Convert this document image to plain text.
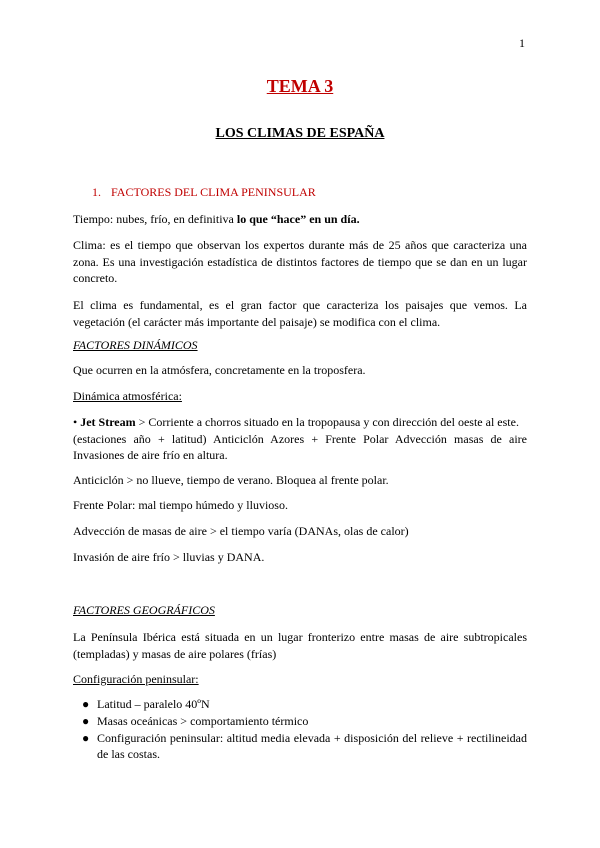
1
TEMA 3
LOS CLIMAS DE ESPAÑA
1. FACTORES DEL CLIMA PENINSULAR
Tiempo: nubes, frío, en definitiva lo que “hace” en un día.
Clima: es el tiempo que observan los expertos durante más de 25 años que caracteriza una zona. Es una investigación estadística de distintos factores de tiempo que se dan en un lugar concreto.
El clima es fundamental, es el gran factor que caracteriza los paisajes que vemos. La vegetación (el carácter más importante del paisaje) se modifica con el clima.
FACTORES DINÁMICOS
Que ocurren en la atmósfera, concretamente en la troposfera.
Dinámica atmosférica:
• Jet Stream > Corriente a chorros situado en la tropopausa y con dirección del oeste al este.
(estaciones año + latitud) Anticiclón Azores + Frente Polar Advección masas de aire Invasiones de aire frío en altura.
Anticiclón > no llueve, tiempo de verano. Bloquea al frente polar.
Frente Polar: mal tiempo húmedo y lluvioso.
Advección de masas de aire > el tiempo varía (DANAs, olas de calor)
Invasión de aire frío > lluvias y DANA.
FACTORES GEOGRÁFICOS
La Península Ibérica está situada en un lugar fronterizo entre masas de aire subtropicales (templadas) y masas de aire polares (frías)
Configuración peninsular:
● Latitud – paralelo 40ºN
● Masas oceánicas > comportamiento térmico
● Configuración peninsular: altitud media elevada + disposición del relieve + rectilineidad de las costas.
